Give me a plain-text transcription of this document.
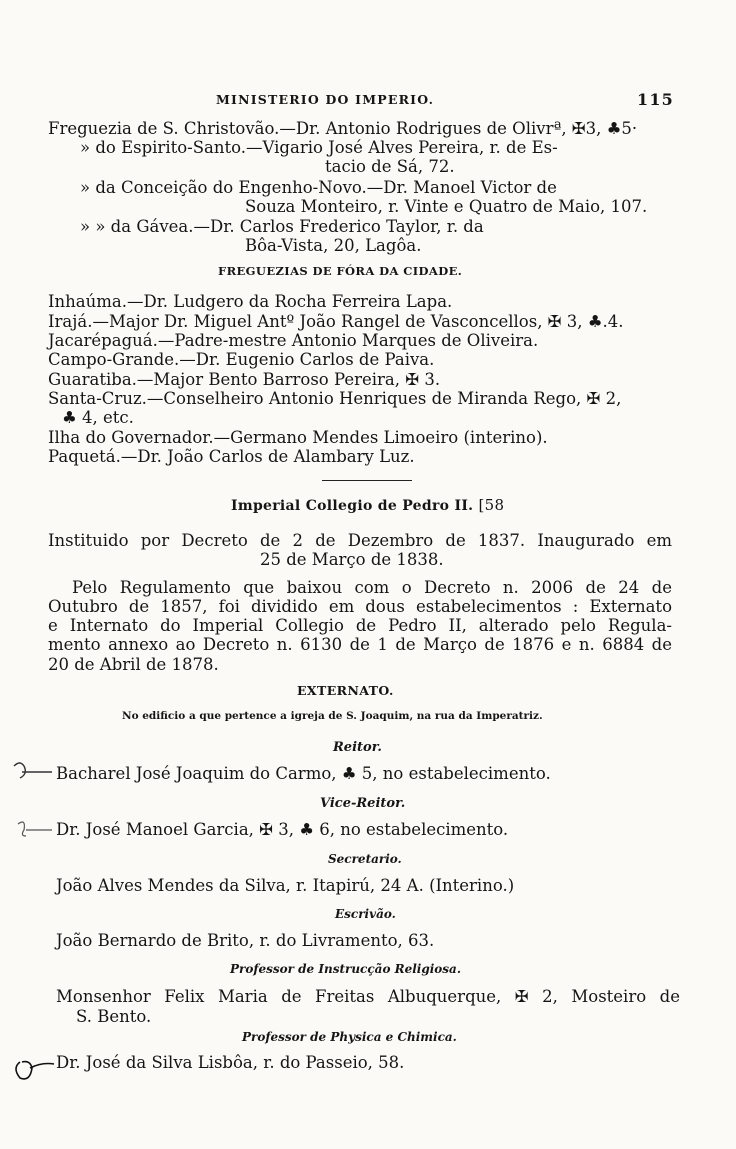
MINISTERIO DO IMPERIO.	115
Freguezia de S. Christovão.—Dr. Antonio Rodrigues de Olivrª, ✠3, ♣5·
» do Espirito-Santo.—Vigario José Alves Pereira, r. de Es-
tacio de Sá, 72.
» da Conceição do Engenho-Novo.—Dr. Manoel Victor de
Souza Monteiro, r. Vinte e Quatro de Maio, 107.
» » da Gávea.—Dr. Carlos Frederico Taylor, r. da
Bôa-Vista, 20, Lagôa.
FREGUEZIAS DE FÓRA DA CIDADE.
Inhaúma.—Dr. Ludgero da Rocha Ferreira Lapa.
Irajá.—Major Dr. Miguel Antº João Rangel de Vasconcellos, ✠ 3, ♣.4.
Jacarépaguá.—Padre-mestre Antonio Marques de Oliveira.
Campo-Grande.—Dr. Eugenio Carlos de Paiva.
Guaratiba.—Major Bento Barroso Pereira, ✠ 3.
Santa-Cruz.—Conselheiro Antonio Henriques de Miranda Rego, ✠ 2,
♣ 4, etc.
Ilha do Governador.—Germano Mendes Limoeiro (interino).
Paquetá.—Dr. João Carlos de Alambary Luz.
Imperial Collegio de Pedro II. [58
Instituido por Decreto de 2 de Dezembro de 1837. Inaugurado em
25 de Março de 1838.
Pelo Regulamento que baixou com o Decreto n. 2006 de 24 de
Outubro de 1857, foi dividido em dous estabelecimentos : Externato
e Internato do Imperial Collegio de Pedro II, alterado pelo Regula-
mento annexo ao Decreto n. 6130 de 1 de Março de 1876 e n. 6884 de
20 de Abril de 1878.
EXTERNATO.
No edificio a que pertence a igreja de S. Joaquim, na rua da Imperatriz.
Reitor.
Bacharel José Joaquim do Carmo, ♣ 5, no estabelecimento.
Vice-Reitor.
Dr. José Manoel Garcia, ✠ 3, ♣ 6, no estabelecimento.
Secretario.
João Alves Mendes da Silva, r. Itapirú, 24 A. (Interino.)
Escrivão.
João Bernardo de Brito, r. do Livramento, 63.
Professor de Instrucção Religiosa.
Monsenhor Felix Maria de Freitas Albuquerque, ✠ 2, Mosteiro de
S. Bento.
Professor de Physica e Chimica.
Dr. José da Silva Lisbôa, r. do Passeio, 58.
